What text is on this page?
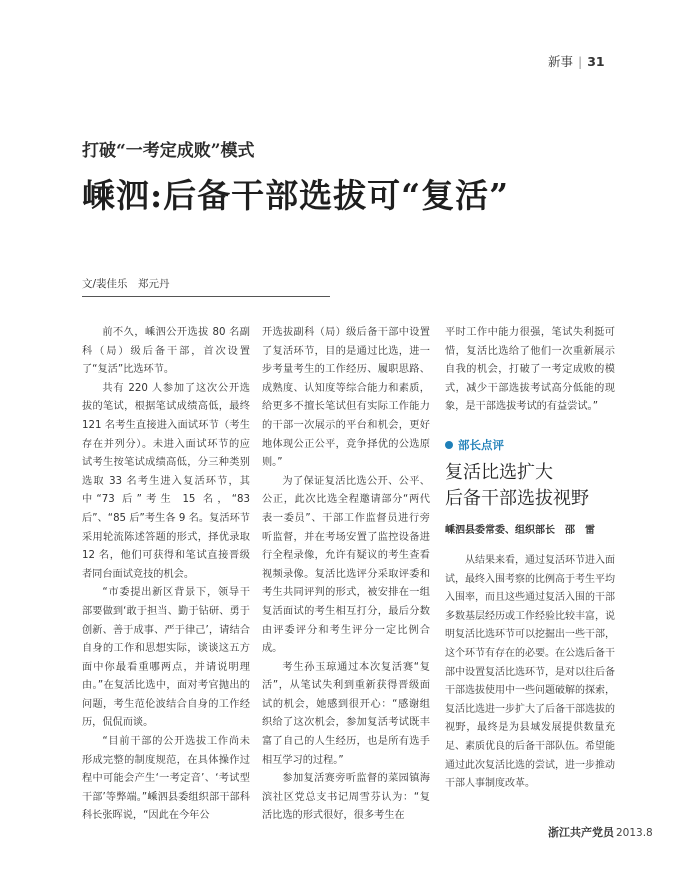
新事 | 31
打破“一考定成败”模式
嵊泗:后备干部选拔可“复活”
文/裴佳乐　郑元丹

前不久，嵊泗公开选拔 80 名副科（局）级后备干部，首次设置了“复活”比选环节。

共有 220 人参加了这次公开选拔的笔试，根据笔试成绩高低，最终 121 名考生直接进入面试环节（考生存在并列分）。未进入面试环节的应试考生按笔试成绩高低，分三种类别选取 33 名考生进入复活环节，其中“73 后”考生 15 名，“83 后”、“85 后”考生各 9 名。复活环节采用轮流陈述答题的形式，择优录取 12 名，他们可获得和笔试直接晋级者同台面试竞技的机会。

“市委提出新区背景下，领导干部要做到‘敢于担当、勤于钻研、勇于创新、善于成事、严于律己’，请结合自身的工作和思想实际，谈谈这五方面中你最看重哪两点，并请说明理由。”在复活比选中，面对考官抛出的问题，考生范伦波结合自身的工作经历，侃侃而谈。

“目前干部的公开选拔工作尚未形成完整的制度规范，在具体操作过程中可能会产生‘一考定音’、‘考试型干部’等弊端。”嵊泗县委组织部干部科科长张晖说，“因此在今年公

开选拔副科（局）级后备干部中设置了复活环节，目的是通过比选，进一步考量考生的工作经历、履职思路、成熟度、认知度等综合能力和素质，给更多不擅长笔试但有实际工作能力的干部一次展示的平台和机会，更好地体现公正公平，竞争择优的公选原则。”

为了保证复活比选公开、公平、公正，此次比选全程邀请部分“两代表一委员”、干部工作监督员进行旁听监督，并在考场安置了监控设备进行全程录像，允许有疑议的考生查看视频录像。复活比选评分采取评委和考生共同评判的形式，被安排在一组复活面试的考生相互打分，最后分数由评委评分和考生评分一定比例合成。

考生孙玉琼通过本次复活赛“复活”，从笔试失利到重新获得晋级面试的机会，她感到很开心：“感谢组织给了这次机会，参加复活考试既丰富了自己的人生经历，也是所有选手相互学习的过程。”

参加复活赛旁听监督的菜园镇海滨社区党总支书记周雪芬认为：“复活比选的形式很好，很多考生在

平时工作中能力很强，笔试失利挺可惜，复活比选给了他们一次重新展示自我的机会，打破了一考定成败的模式，减少干部选拔考试高分低能的现象，是干部选拔考试的有益尝试。”

部长点评
复活比选扩大
后备干部选拔视野
嵊泗县委常委、组织部长　邵　雷

从结果来看，通过复活环节进入面试，最终入围考察的比例高于考生平均入围率，而且这些通过复活入围的干部多数基层经历或工作经验比较丰富，说明复活比选环节可以挖掘出一些干部，这个环节有存在的必要。在公选后备干部中设置复活比选环节，是对以往后备干部选拔使用中一些问题破解的探索，复活比选进一步扩大了后备干部选拔的视野，最终是为县域发展提供数量充足、素质优良的后备干部队伍。希望能通过此次复活比选的尝试，进一步推动干部人事制度改革。

浙江共产党员 2013.8
